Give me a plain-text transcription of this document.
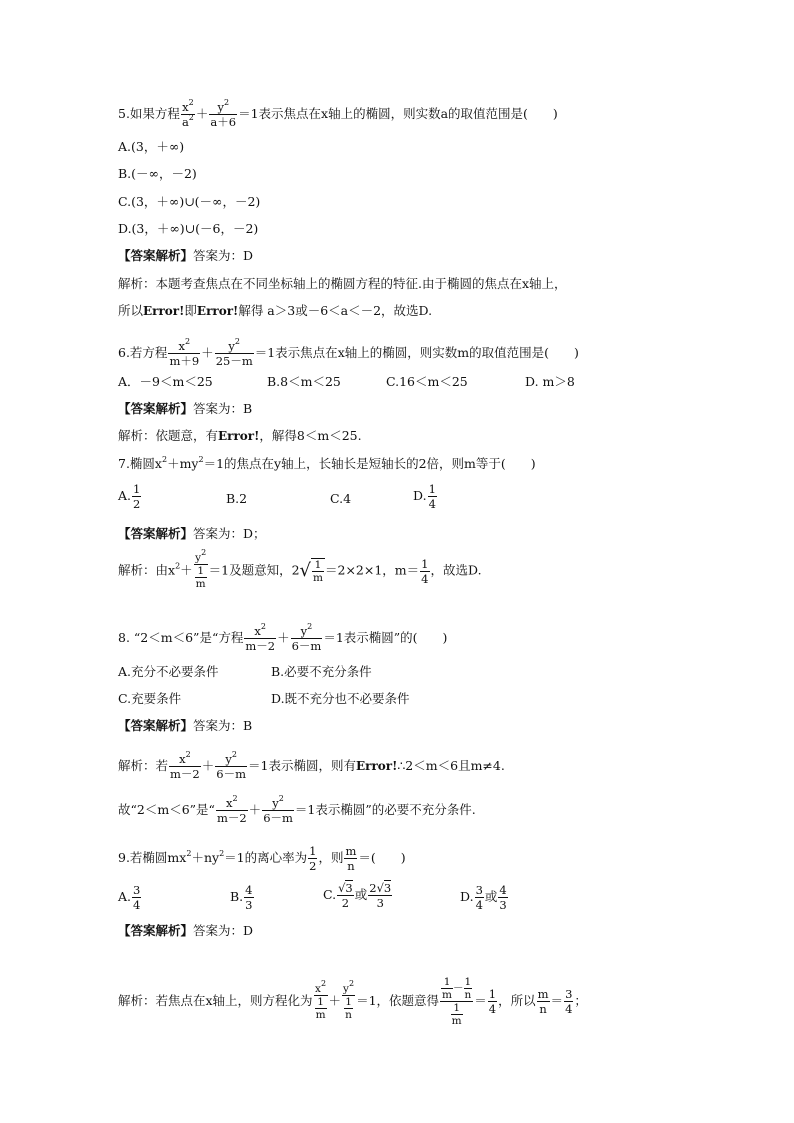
5.如果方程 $\frac{x^2}{a^2} + \frac{y^2}{a+6} =1$表示焦点在x轴上的椭圆，则实数a的取值范围是(　　)
A.(3，＋∞)
B.(－∞，－2)
C.(3，＋∞)∪(－∞，－2)
D.(3，＋∞)∪(－6，－2)
【答案解析】答案为：D
解析：本题考查焦点在不同坐标轴上的椭圆方程的特征.由于椭圆的焦点在x轴上，
所以Error!即Error!解得 a＞3或－6＜a＜－2，故选D.
6.若方程 $\frac{x^2}{m+9} + \frac{y^2}{25-m} =1$表示焦点在x轴上的椭圆，则实数m的取值范围是(　　)
A．－9＜m＜25	B.8＜m＜25	C.16＜m＜25	D. m＞8
【答案解析】答案为：B
解析：依题意，有Error!，解得8＜m＜25.
7.椭圆$x^2+my^2=1$的焦点在y轴上，长轴长是短轴长的2倍，则m等于(　　)
A. $\frac{1}{2}$	B.2	C.4	D. $\frac{1}{4}$
【答案解析】答案为：D；
解析：由$x^2+ \frac{y^2}{\frac{1}{m}} =1$及题意知，$2√ \frac{1}{m} =2\times 2\times 1$，$m= \frac{1}{4}$ ，故选D.
8. “2＜m＜6”是“方程 $\frac{x^2}{m-2} + \frac{y^2}{6-m} =1$表示椭圆”的(　　)
A.充分不必要条件	B.必要不充分条件
C.充要条件	D.既不充分也不必要条件
【答案解析】答案为：B
解析：若 $\frac{x^2}{m-2} + \frac{y^2}{6-m} =1$表示椭圆，则有Error!∴2＜m＜6且m≠4.
故“2＜m＜6”是“ $\frac{x^2}{m-2} + \frac{y^2}{6-m} =1$表示椭圆”的必要不充分条件.
9.若椭圆$mx^2+ny^2=1$的离心率为 $\frac{1}{2}$ ，则 $\frac{m}{n}$ ＝(　　)
A. $\frac{3}{4}$	B. $\frac{4}{3}$	C. $\frac{√3}{2}$ 或 $\frac{2√3}{3}$	D. $\frac{3}{4}$ 或 $\frac{4}{3}$
【答案解析】答案为：D
解析：若焦点在x轴上，则方程化为 $\frac{x^2}{\frac{1}{m}} + \frac{y^2}{\frac{1}{n}} =1$，依题意得 $\frac{\frac{1}{m} - \frac{1}{n}}{\frac{1}{m}} = \frac{1}{4}$ ，所以 $\frac{m}{n} = \frac{3}{4}$ ；
